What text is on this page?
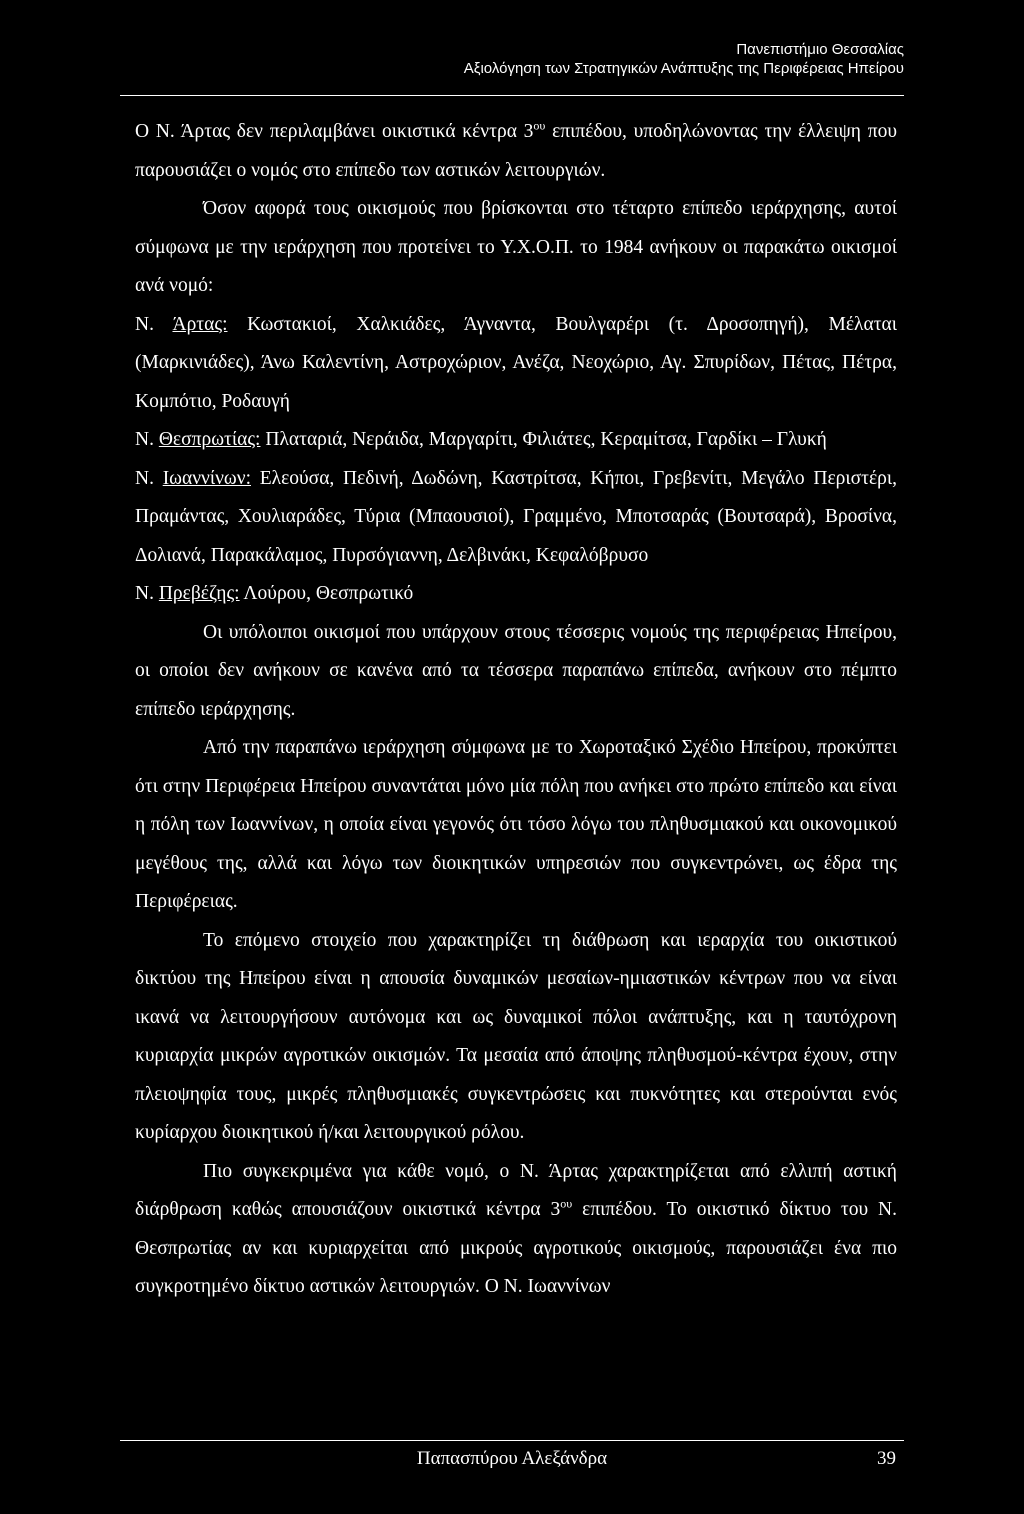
Πανεπιστήμιο Θεσσαλίας
Αξιολόγηση των Στρατηγικών Ανάπτυξης της Περιφέρειας Ηπείρου

Ο Ν. Άρτας δεν περιλαμβάνει οικιστικά κέντρα $3^{o\upsilon}$ επιπέδου, υποδηλώνοντας την έλλειψη που παρουσιάζει ο νομός στο επίπεδο των αστικών λειτουργιών.

Όσον αφορά τους οικισμούς που βρίσκονται στο τέταρτο επίπεδο ιεράρχησης, αυτοί σύμφωνα με την ιεράρχηση που προτείνει το Υ.Χ.Ο.Π. το 1984 ανήκουν οι παρακάτω οικισμοί ανά νομό:

Ν. Άρτας: Κωστακιοί, Χαλκιάδες, Άγναντα, Βουλγαρέρι (τ. Δροσοπηγή), Μέλαται (Μαρκινιάδες), Άνω Καλεντίνη, Αστροχώριον, Ανέζα, Νεοχώριο, Αγ. Σπυρίδων, Πέτας, Πέτρα, Κομπότιο, Ροδαυγή

Ν. Θεσπρωτίας: Πλαταριά, Νεράιδα, Μαργαρίτι, Φιλιάτες, Κεραμίτσα, Γαρδίκι – Γλυκή

Ν. Ιωαννίνων: Ελεούσα, Πεδινή, Δωδώνη, Καστρίτσα, Κήποι, Γρεβενίτι, Μεγάλο Περιστέρι, Πραμάντας, Χουλιαράδες, Τύρια (Μπαουσιοί), Γραμμένο, Μποτσαράς (Βουτσαρά), Βροσίνα, Δολιανά, Παρακάλαμος, Πυρσόγιαννη, Δελβινάκι, Κεφαλόβρυσο

Ν. Πρεβέζης: Λούρου, Θεσπρωτικό

Οι υπόλοιποι οικισμοί που υπάρχουν στους τέσσερις νομούς της περιφέρειας Ηπείρου, οι οποίοι δεν ανήκουν σε κανένα από τα τέσσερα παραπάνω επίπεδα, ανήκουν στο πέμπτο επίπεδο ιεράρχησης.

Από την παραπάνω ιεράρχηση σύμφωνα με το Χωροταξικό Σχέδιο Ηπείρου, προκύπτει ότι στην Περιφέρεια Ηπείρου συναντάται μόνο μία πόλη που ανήκει στο πρώτο επίπεδο και είναι η πόλη των Ιωαννίνων, η οποία είναι γεγονός ότι τόσο λόγω του πληθυσμιακού και οικονομικού μεγέθους της, αλλά και λόγω των διοικητικών υπηρεσιών που συγκεντρώνει, ως έδρα της Περιφέρειας.

Το επόμενο στοιχείο που χαρακτηρίζει τη διάθρωση και ιεραρχία του οικιστικού δικτύου της Ηπείρου είναι η απουσία δυναμικών μεσαίων-ημιαστικών κέντρων που να είναι ικανά να λειτουργήσουν αυτόνομα και ως δυναμικοί πόλοι ανάπτυξης, και η ταυτόχρονη κυριαρχία μικρών αγροτικών οικισμών. Τα μεσαία από άποψης πληθυσμού-κέντρα έχουν, στην πλειοψηφία τους, μικρές πληθυσμιακές συγκεντρώσεις και πυκνότητες και στερούνται ενός κυρίαρχου διοικητικού ή/και λειτουργικού ρόλου.

Πιο συγκεκριμένα για κάθε νομό, ο Ν. Άρτας χαρακτηρίζεται από ελλιπή αστική διάρθρωση καθώς απουσιάζουν οικιστικά κέντρα $3^{o\upsilon}$ επιπέδου. Το οικιστικό δίκτυο του Ν. Θεσπρωτίας αν και κυριαρχείται από μικρούς αγροτικούς οικισμούς, παρουσιάζει ένα πιο συγκροτημένο δίκτυο αστικών λειτουργιών. Ο Ν. Ιωαννίνων

Παπασπύρου Αλεξάνδρα	39
